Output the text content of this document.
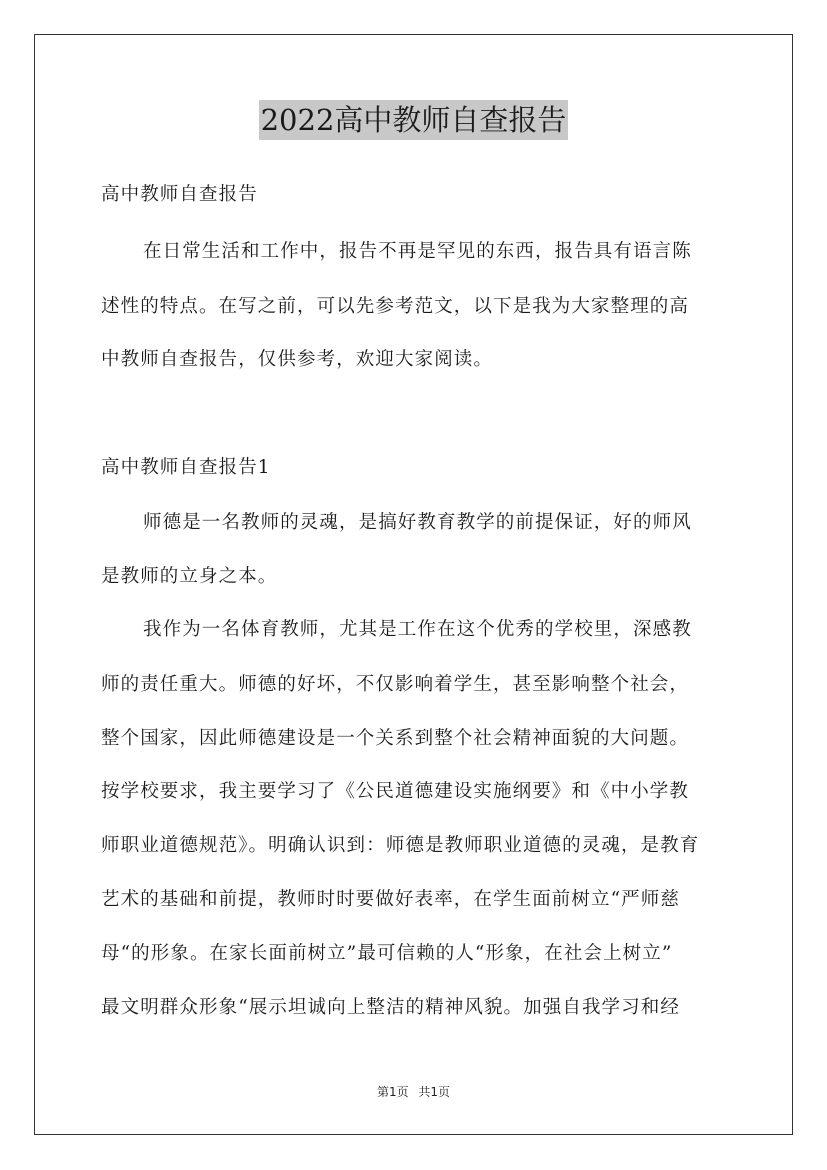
2022高中教师自查报告
高中教师自查报告
在日常生活和工作中，报告不再是罕见的东西，报告具有语言陈
述性的特点。在写之前，可以先参考范文，以下是我为大家整理的高
中教师自查报告，仅供参考，欢迎大家阅读。
高中教师自查报告1
师德是一名教师的灵魂，是搞好教育教学的前提保证，好的师风
是教师的立身之本。
我作为一名体育教师，尤其是工作在这个优秀的学校里，深感教
师的责任重大。师德的好坏，不仅影响着学生，甚至影响整个社会，
整个国家，因此师德建设是一个关系到整个社会精神面貌的大问题。
按学校要求，我主要学习了《公民道德建设实施纲要》和《中小学教
师职业道德规范》。明确认识到：师德是教师职业道德的灵魂，是教育
艺术的基础和前提，教师时时要做好表率，在学生面前树立“严师慈
母“的形象。在家长面前树立”最可信赖的人“形象，在社会上树立”
最文明群众形象“展示坦诚向上整洁的精神风貌。加强自我学习和经
第1页 共1页
